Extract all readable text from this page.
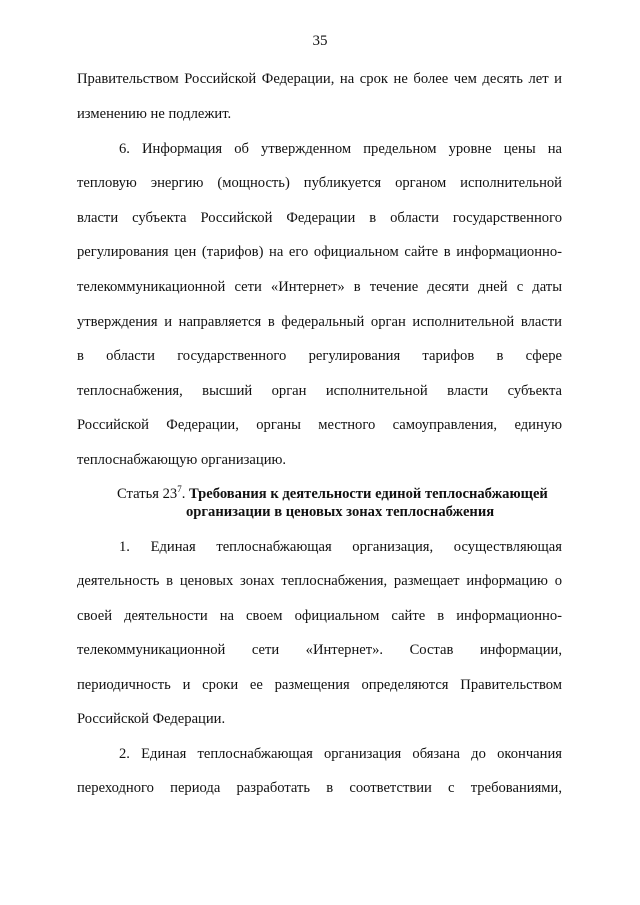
35
Правительством Российской Федерации, на срок не более чем десять лет и
изменению не подлежит.
6. Информация об утвержденном предельном уровне цены на
тепловую энергию (мощность) публикуется органом исполнительной
власти субъекта Российской Федерации в области государственного
регулирования цен (тарифов) на его официальном сайте в информационно-
телекоммуникационной сети «Интернет» в течение десяти дней с даты
утверждения и направляется в федеральный орган исполнительной власти
в области государственного регулирования тарифов в сфере
теплоснабжения, высший орган исполнительной власти субъекта
Российской Федерации, органы местного самоуправления, единую
теплоснабжающую организацию.
Статья $23^7$. Требования к деятельности единой теплоснабжающей
организации в ценовых зонах теплоснабжения
1. Единая теплоснабжающая организация, осуществляющая
деятельность в ценовых зонах теплоснабжения, размещает информацию о
своей деятельности на своем официальном сайте в информационно-
телекоммуникационной сети «Интернет». Состав информации,
периодичность и сроки ее размещения определяются Правительством
Российской Федерации.
2. Единая теплоснабжающая организация обязана до окончания
переходного периода разработать в соответствии с требованиями,
